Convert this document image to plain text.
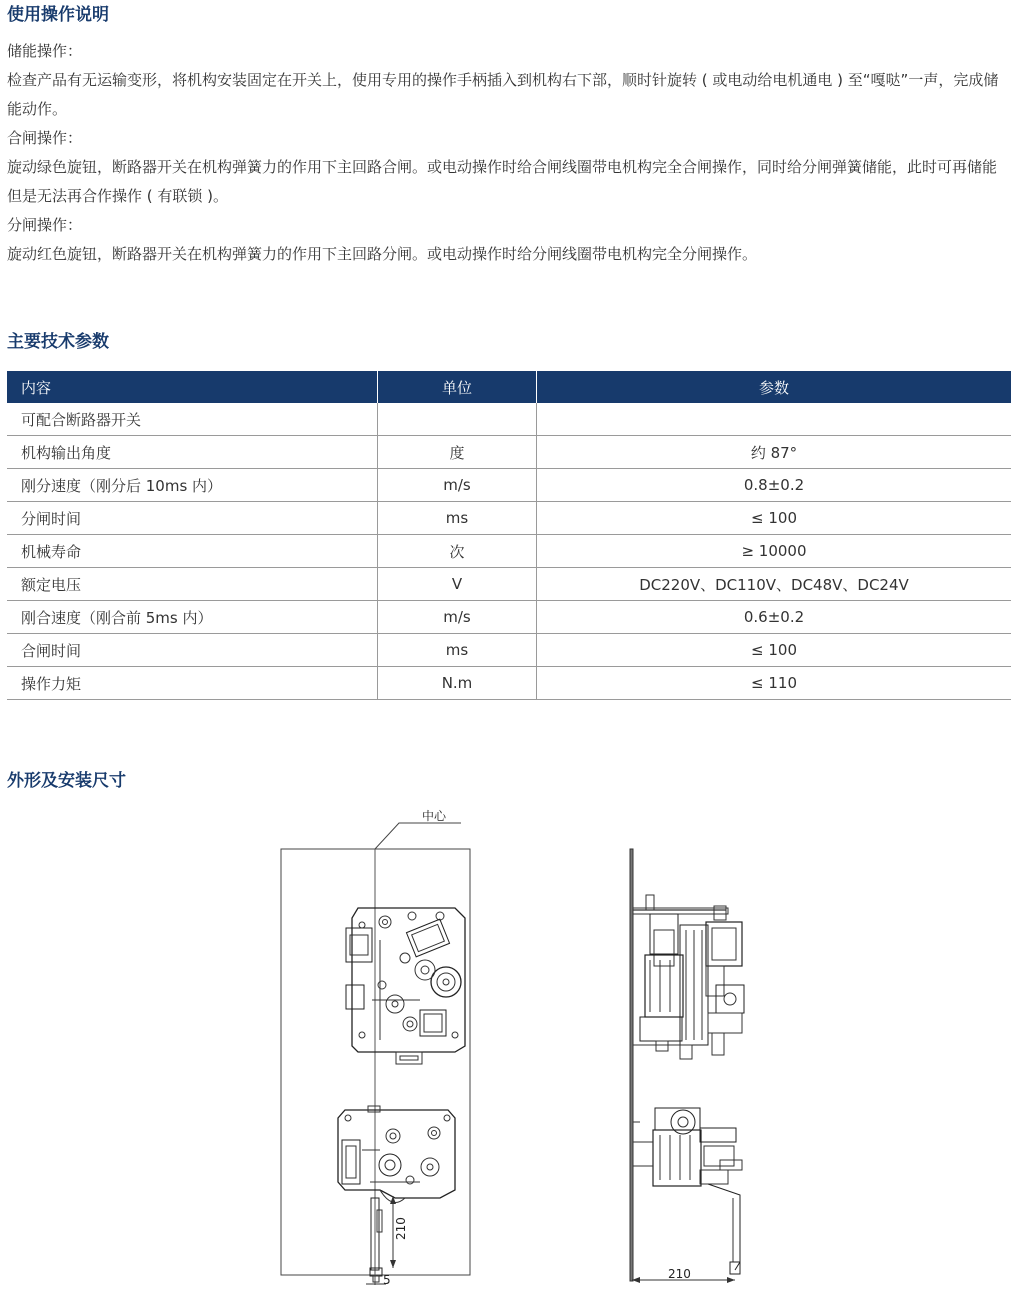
使用操作说明

储能操作：

检查产品有无运输变形，将机构安装固定在开关上，使用专用的操作手柄插入到机构右下部，顺时针旋转 ( 或电动给电机通电 ) 至“嘎哒”一声，完成储能动作。

合闸操作：

旋动绿色旋钮，断路器开关在机构弹簧力的作用下主回路合闸。或电动操作时给合闸线圈带电机构完全合闸操作，同时给分闸弹簧储能，此时可再储能但是无法再合作操作 ( 有联锁 )。

分闸操作：

旋动红色旋钮，断路器开关在机构弹簧力的作用下主回路分闸。或电动操作时给分闸线圈带电机构完全分闸操作。

主要技术参数
内容	单位	参数
可配合断路器开关		
机构输出角度	度	约 87°
刚分速度（刚分后 10ms 内）	m/s	0.8±0.2
分闸时间	ms	≤ 100
机械寿命	次	≥ 10000
额定电压	V	DC220V、DC110V、DC48V、DC24V
刚合速度（刚合前 5ms 内）	m/s	0.6±0.2
合闸时间	ms	≤ 100
操作力矩	N.m	≤ 110
外形及安装尺寸
中心
210
5	210
